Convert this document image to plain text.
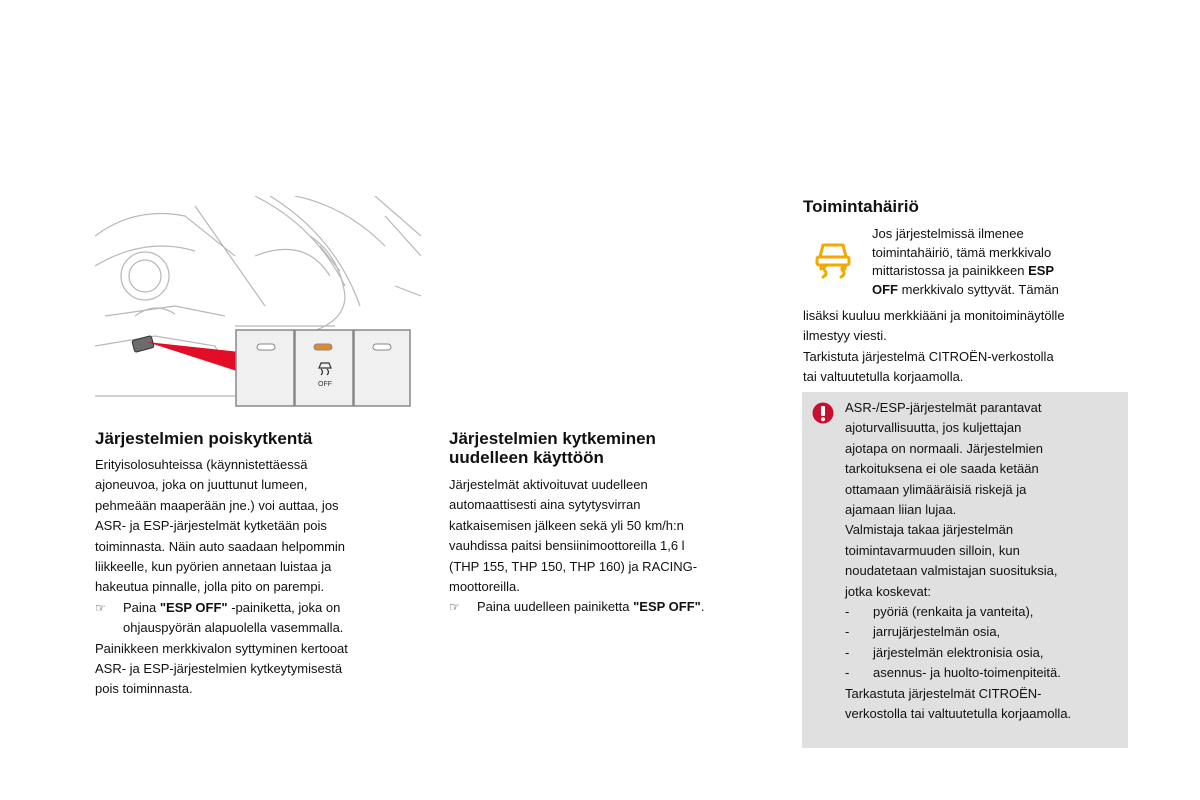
OFF
Järjestelmien poiskytkentä
Erityisolosuhteissa (käynnistettäessä
ajoneuvoa, joka on juuttunut lumeen,
pehmeään maaperään jne.) voi auttaa, jos
ASR- ja ESP-järjestelmät kytketään pois
toiminnasta. Näin auto saadaan helpommin
liikkeelle, kun pyörien annetaan luistaa ja
hakeutua pinnalle, jolla pito on parempi.
☞ Paina "ESP OFF" -painiketta, joka on
ohjauspyörän alapuolella vasemmalla.
Painikkeen merkkivalon syttyminen kertooat
ASR- ja ESP-järjestelmien kytkeytymisestä
pois toiminnasta.
Järjestelmien kytkeminen
uudelleen käyttöön
Järjestelmät aktivoituvat uudelleen
automaattisesti aina sytytysvirran
katkaisemisen jälkeen sekä yli 50 km/h:n
vauhdissa paitsi bensiinimoottoreilla 1,6 l
(THP 155, THP 150, THP 160) ja RACING-
moottoreilla.
☞ Paina uudelleen painiketta "ESP OFF".
Toimintahäiriö
Jos järjestelmissä ilmenee
toimintahäiriö, tämä merkkivalo
mittaristossa ja painikkeen ESP
OFF merkkivalo syttyvät. Tämän
lisäksi kuuluu merkkiääni ja monitoiminäytölle
ilmestyy viesti.
Tarkistuta järjestelmä CITROËN-verkostolla
tai valtuutetulla korjaamolla.
ASR-/ESP-järjestelmät parantavat
ajoturvallisuutta, jos kuljettajan
ajotapa on normaali. Järjestelmien
tarkoituksena ei ole saada ketään
ottamaan ylimääräisiä riskejä ja
ajamaan liian lujaa.
Valmistaja takaa järjestelmän
toimintavarmuuden silloin, kun
noudatetaan valmistajan suosituksia,
jotka koskevat:
- pyöriä (renkaita ja vanteita),
- jarrujärjestelmän osia,
- järjestelmän elektronisia osia,
- asennus- ja huolto-toimenpiteitä.
Tarkastuta järjestelmät CITROËN-
verkostolla tai valtuutetulla korjaamolla.
